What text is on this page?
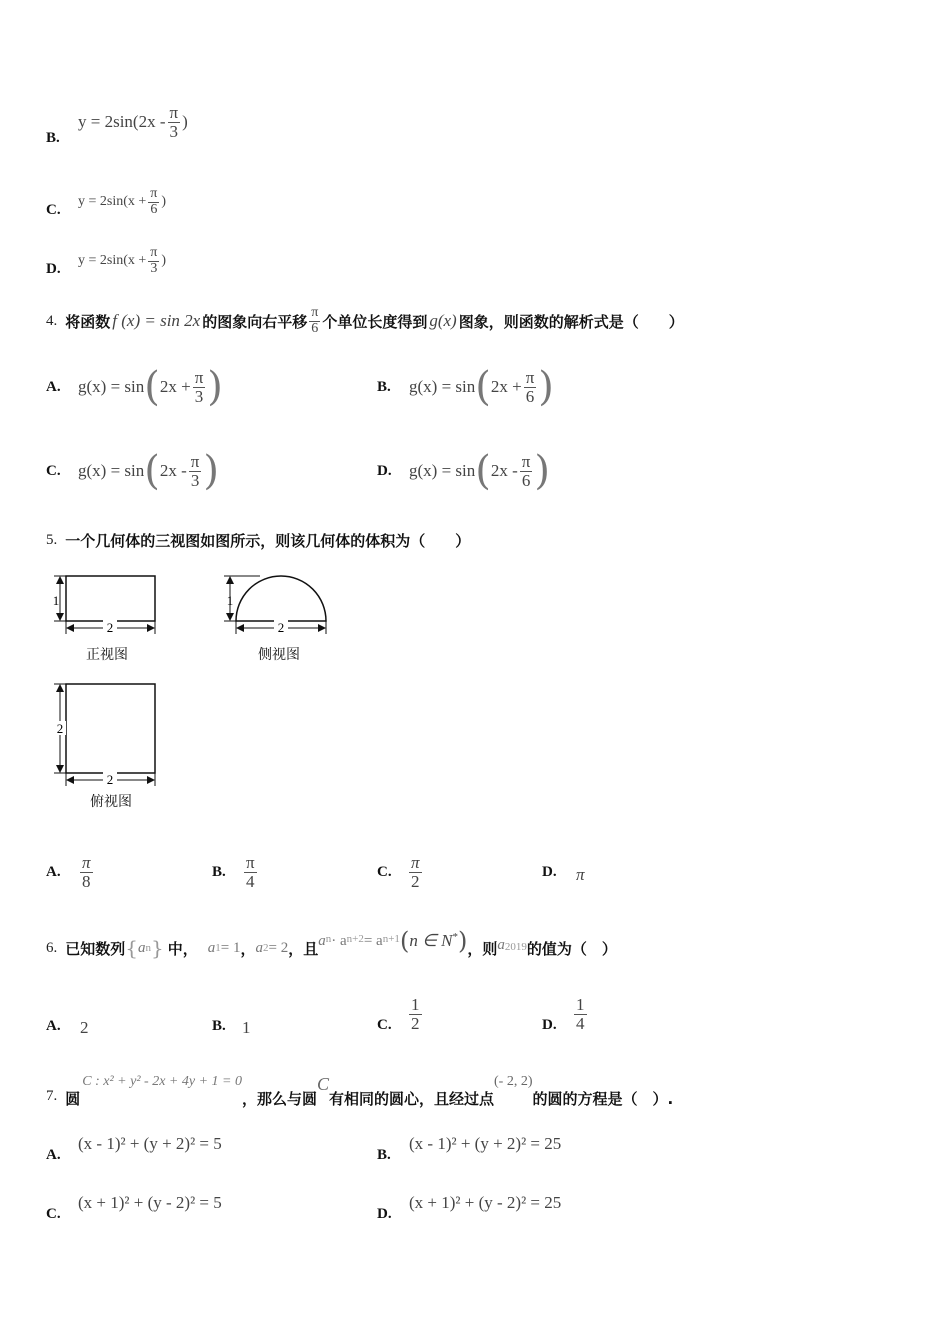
B.
$y = 2\sin(2x - \frac{\pi}{3}$ )
C.
$y = 2\sin(x + \frac{\pi}{6}$ )
D.
$y = 2\sin(x + \frac{\pi}{3}$ )
4. 将函数 f (x) = sin 2x 的图象向右平移 $\frac{\pi}{6}$ 个单位长度得到 g(x) 图象，则函数的解析式是（　　）
A.	g(x) = sin ( $2x + \frac{\pi}{3}$ )	B.	g(x) = sin ( $2x + \frac{\pi}{6}$ )
C.	g(x) = sin ( $2x - \frac{\pi}{3}$ )	D.	g(x) = sin ( $2x - \frac{\pi}{6}$ )
5. 一个几何体的三视图如图所示，则该几何体的体积为（　　）
1
2
正视图
1
2
侧视图
2
2
俯视图
A.	$\frac{\pi}{8}$	B.	$\frac{\pi}{4}$	C.	$\frac{\pi}{2}$	D.	π
6. 已知数列 { a n } 中， a 1 = 1 ， a 2 = 2 ，且 a n · a n+2 = a n+1 ( n ∈ N* ) ，则 a 2019 的值为（　）
A.	2	B. 1	C.	$\frac{1}{2}$	D.	$\frac{1}{4}$
7. 圆
C : x² + y² - 2x + 4y + 1 = 0
，那么与圆
C
有相同的圆心，且经过点
(- 2, 2)
的圆的方程是（　）.
A.
(x - 1)² + (y + 2)² = 5
B.
(x - 1)² + (y + 2)² = 25
C.
(x + 1)² + (y - 2)² = 5
D.
(x + 1)² + (y - 2)² = 25
